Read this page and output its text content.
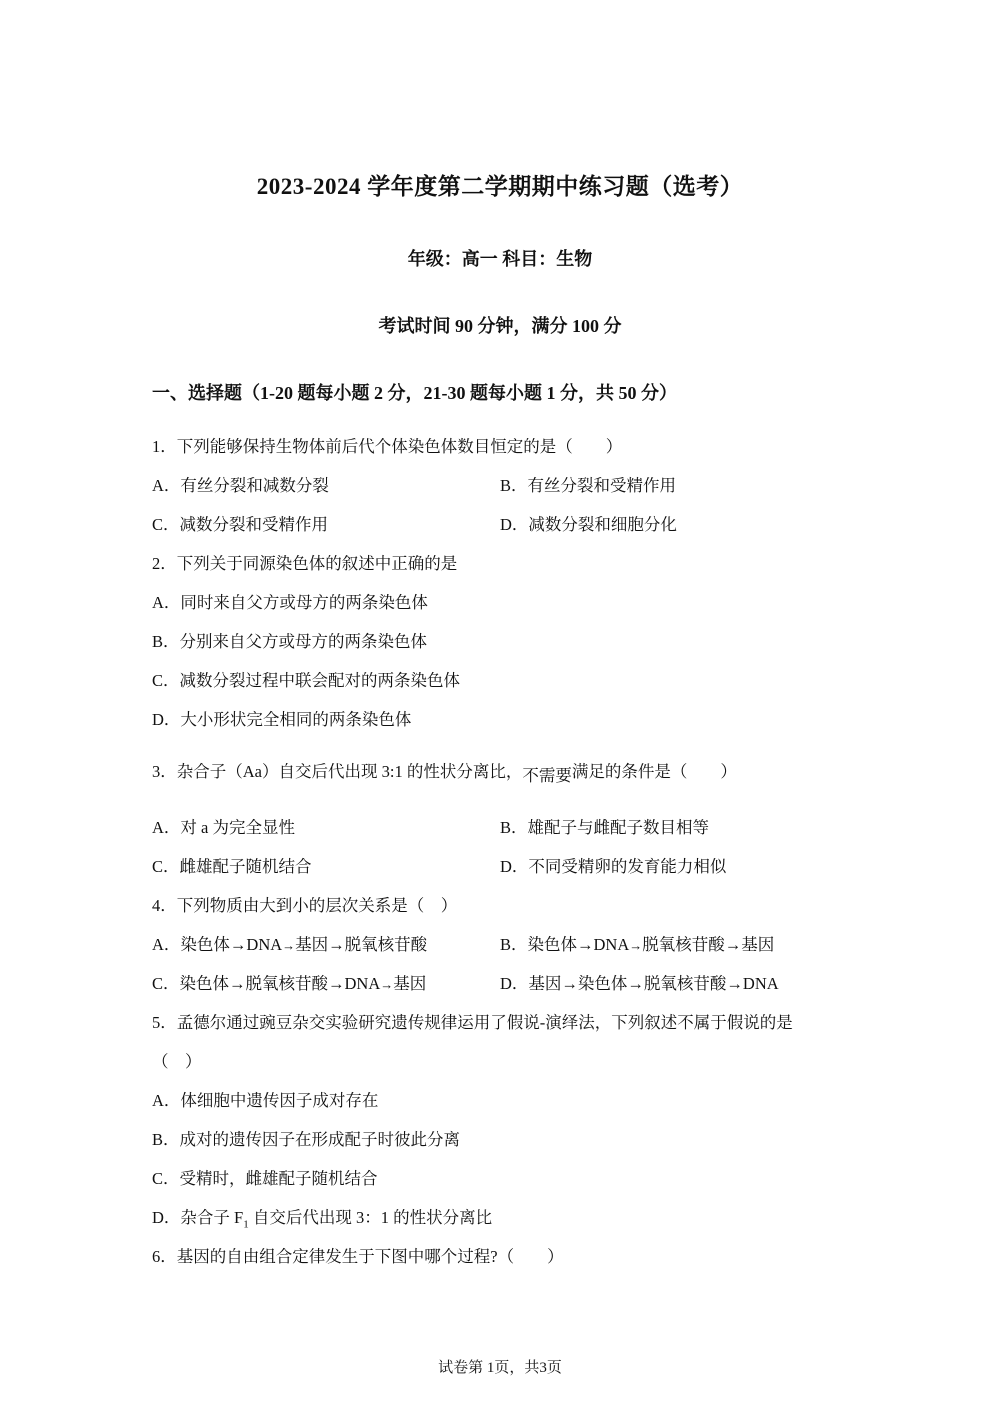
2023-2024 学年度第二学期期中练习题（选考）
年级：高一 科目：生物
考试时间 90 分钟，满分 100 分
一、选择题（1-20 题每小题 2 分，21-30 题每小题 1 分，共 50 分）
1．下列能够保持生物体前后代个体染色体数目恒定的是（　　）
A．有丝分裂和减数分裂	B．有丝分裂和受精作用
C．减数分裂和受精作用	D．减数分裂和细胞分化
2．下列关于同源染色体的叙述中正确的是
A．同时来自父方或母方的两条染色体
B．分别来自父方或母方的两条染色体
C．减数分裂过程中联会配对的两条染色体
D．大小形状完全相同的两条染色体
3．杂合子（Aa）自交后代出现 3:1 的性状分离比，不需要满足的条件是（　　）
A．对 a 为完全显性	B．雄配子与雌配子数目相等
C．雌雄配子随机结合	D．不同受精卵的发育能力相似
4．下列物质由大到小的层次关系是（　）
A．染色体→DNA→基因→脱氧核苷酸	B．染色体→DNA→脱氧核苷酸→基因
C．染色体→脱氧核苷酸→DNA→基因	D．基因→染色体→脱氧核苷酸→DNA
5．孟德尔通过豌豆杂交实验研究遗传规律运用了假说-演绎法，下列叙述不属于假说的是
（　）
A．体细胞中遗传因子成对存在
B．成对的遗传因子在形成配子时彼此分离
C．受精时，雌雄配子随机结合
D．杂合子 $F_1$ 自交后代出现 3：1 的性状分离比
6．基因的自由组合定律发生于下图中哪个过程?（　　）
试卷第 1页，共3页
